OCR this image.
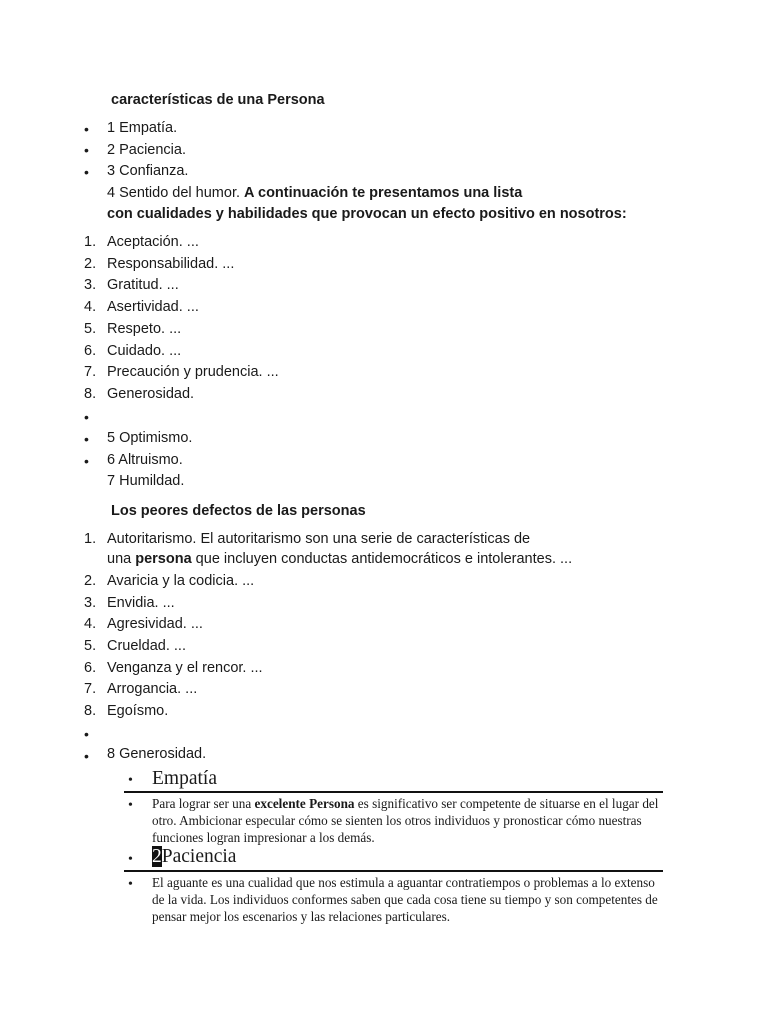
características de una Persona
• 1 Empatía.
• 2 Paciencia.
• 3 Confianza.
4 Sentido del humor. A continuación te presentamos una lista
con cualidades y habilidades que provocan un efecto positivo en nosotros:
1. Aceptación. ...
2. Responsabilidad. ...
3. Gratitud. ...
4. Asertividad. ...
5. Respeto. ...
6. Cuidado. ...
7. Precaución y prudencia. ...
8. Generosidad.
•
• 5 Optimismo.
• 6 Altruismo.
7 Humildad.
Los peores defectos de las personas
1. Autoritarismo. El autoritarismo son una serie de características de
una persona que incluyen conductas antidemocráticos e intolerantes. ...
2. Avaricia y la codicia. ...
3. Envidia. ...
4. Agresividad. ...
5. Crueldad. ...
6. Venganza y el rencor. ...
7. Arrogancia. ...
8. Egoísmo.
•
• 8 Generosidad.
• Empatía
• Para lograr ser una excelente Persona es significativo ser competente de situarse en el lugar del otro. Ambicionar especular cómo se sienten los otros individuos y pronosticar cómo nuestras funciones logran impresionar a los demás.
• 2Paciencia
• El aguante es una cualidad que nos estimula a aguantar contratiempos o problemas a lo extenso de la vida. Los individuos conformes saben que cada cosa tiene su tiempo y son competentes de pensar mejor los escenarios y las relaciones particulares.
